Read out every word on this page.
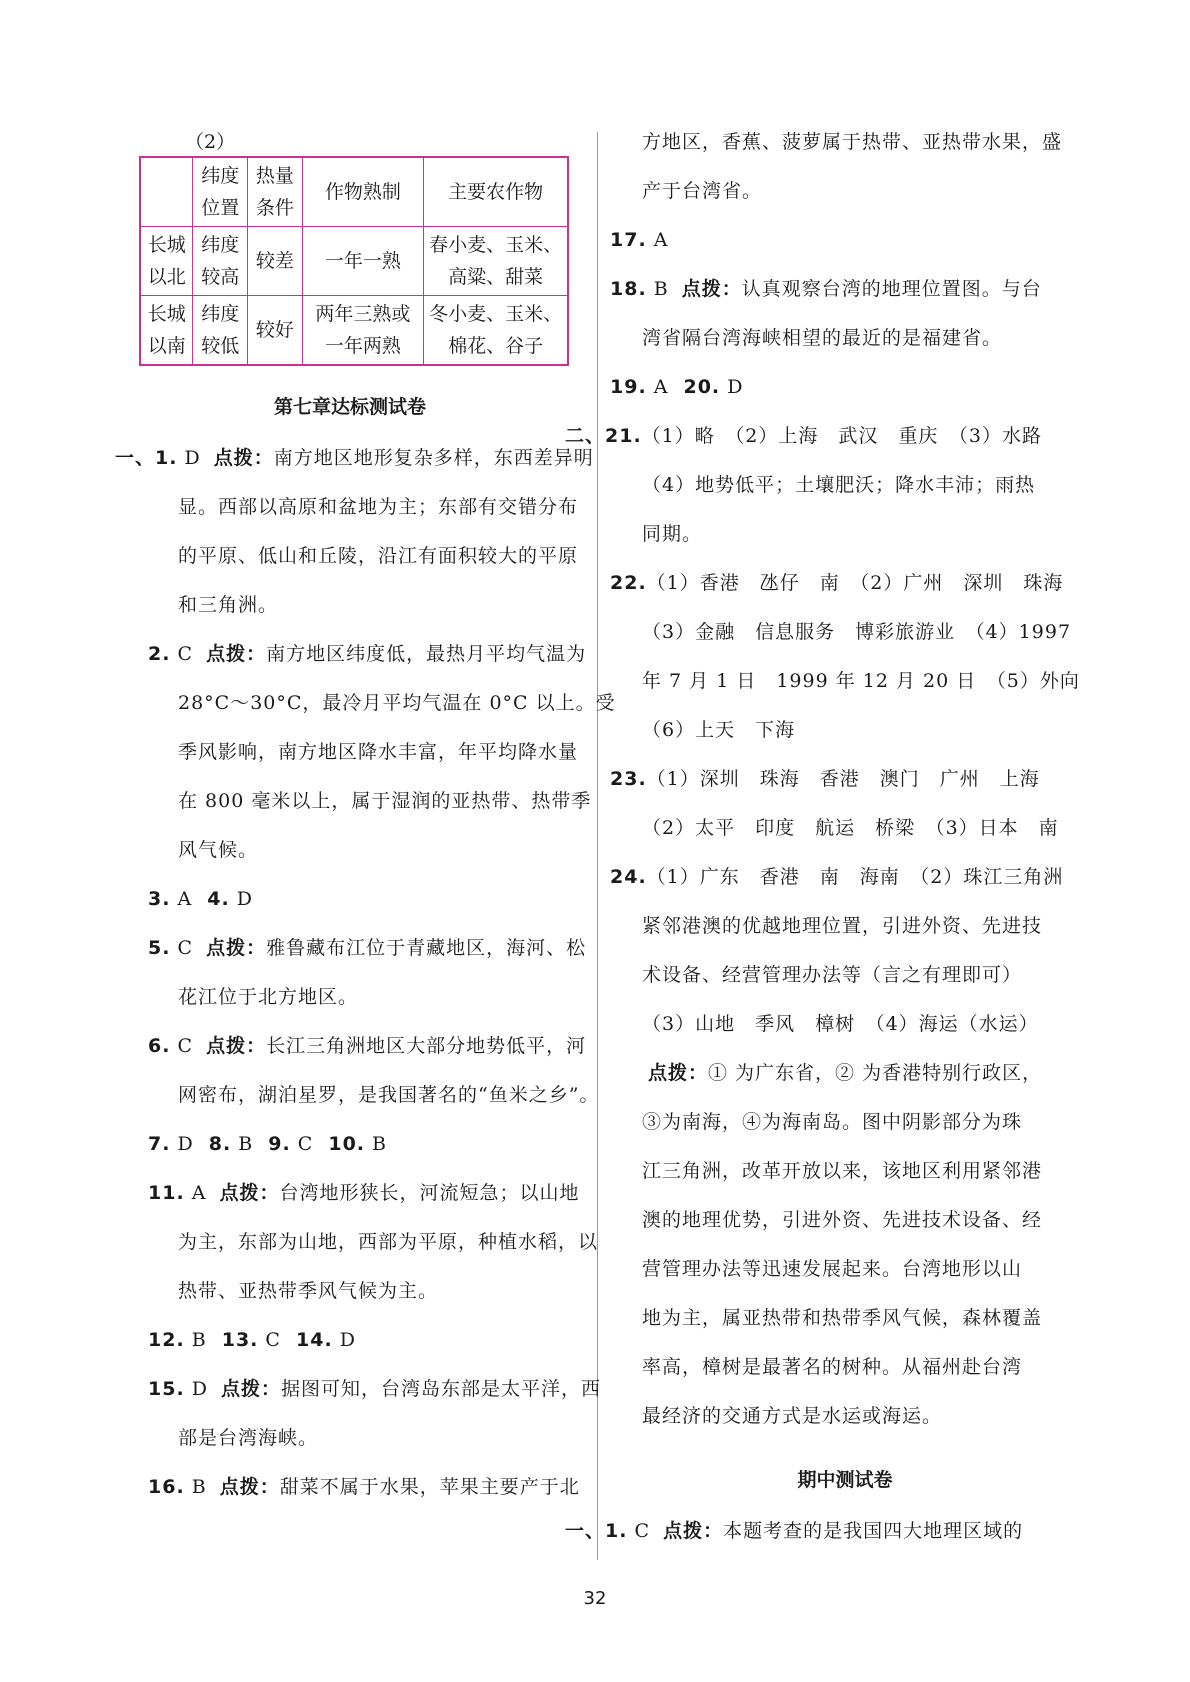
（2）
	纬度位置	热量条件	作物熟制	主要农作物
长城以北	纬度较高	较差	一年一熟	春小麦、玉米、高粱、甜菜
长城以南	纬度较低	较好	两年三熟或一年两熟	冬小麦、玉米、棉花、谷子
第七章达标测试卷
一、1. D 点拨：南方地区地形复杂多样，东西差异明
显。西部以高原和盆地为主；东部有交错分布
的平原、低山和丘陵，沿江有面积较大的平原
和三角洲。
2. C 点拨：南方地区纬度低，最热月平均气温为
28°C～30°C，最冷月平均气温在 0°C 以上。受
季风影响，南方地区降水丰富，年平均降水量
在 800 毫米以上，属于湿润的亚热带、热带季
风气候。
3. A 4. D
5. C 点拨：雅鲁藏布江位于青藏地区，海河、松
花江位于北方地区。
6. C 点拨：长江三角洲地区大部分地势低平，河
网密布，湖泊星罗，是我国著名的“鱼米之乡”。
7. D 8. B 9. C 10. B
11. A 点拨：台湾地形狭长，河流短急；以山地
为主，东部为山地，西部为平原，种植水稻，以
热带、亚热带季风气候为主。
12. B 13. C 14. D
15. D 点拨：据图可知，台湾岛东部是太平洋，西
部是台湾海峡。
16. B 点拨：甜菜不属于水果，苹果主要产于北
方地区，香蕉、菠萝属于热带、亚热带水果，盛
产于台湾省。
17. A
18. B 点拨：认真观察台湾的地理位置图。与台
湾省隔台湾海峡相望的最近的是福建省。
19. A 20. D
二、21.（1）略　（2）上海　武汉　重庆　（3）水路
（4）地势低平；土壤肥沃；降水丰沛；雨热
同期。
22.（1）香港　氹仔　南　（2）广州　深圳　珠海
（3）金融　信息服务　博彩旅游业　（4）1997
年 7 月 1 日　1999 年 12 月 20 日　（5）外向
（6）上天　下海
23.（1）深圳　珠海　香港　澳门　广州　上海
（2）太平　印度　航运　桥梁　（3）日本　南
24.（1）广东　香港　南　海南　（2）珠江三角洲
紧邻港澳的优越地理位置，引进外资、先进技
术设备、经营管理办法等（言之有理即可）
（3）山地　季风　樟树　（4）海运（水运）
点拨：① 为广东省，② 为香港特别行政区，
③为南海，④为海南岛。图中阴影部分为珠
江三角洲，改革开放以来，该地区利用紧邻港
澳的地理优势，引进外资、先进技术设备、经
营管理办法等迅速发展起来。台湾地形以山
地为主，属亚热带和热带季风气候，森林覆盖
率高，樟树是最著名的树种。从福州赴台湾
最经济的交通方式是水运或海运。
期中测试卷
一、1. C 点拨：本题考查的是我国四大地理区域的
32
